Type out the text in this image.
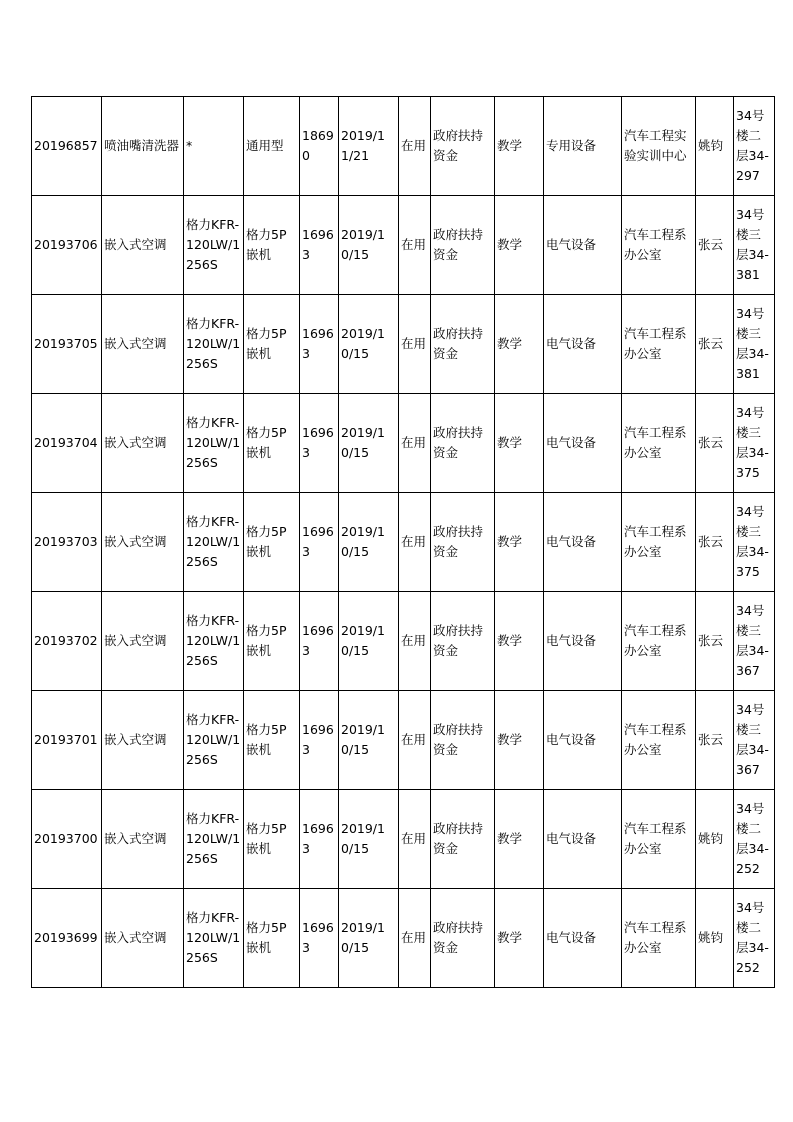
20196857	喷油嘴清洗器	*	通用型	18690	2019/11/21	在用	政府扶持资金	教学	专用设备	汽车工程实验实训中心	姚钧	34号楼二层34-297
20193706	嵌入式空调	格力KFR-120LW/1256S	格力5P嵌机	16963	2019/10/15	在用	政府扶持资金	教学	电气设备	汽车工程系办公室	张云	34号楼三层34-381
20193705	嵌入式空调	格力KFR-120LW/1256S	格力5P嵌机	16963	2019/10/15	在用	政府扶持资金	教学	电气设备	汽车工程系办公室	张云	34号楼三层34-381
20193704	嵌入式空调	格力KFR-120LW/1256S	格力5P嵌机	16963	2019/10/15	在用	政府扶持资金	教学	电气设备	汽车工程系办公室	张云	34号楼三层34-375
20193703	嵌入式空调	格力KFR-120LW/1256S	格力5P嵌机	16963	2019/10/15	在用	政府扶持资金	教学	电气设备	汽车工程系办公室	张云	34号楼三层34-375
20193702	嵌入式空调	格力KFR-120LW/1256S	格力5P嵌机	16963	2019/10/15	在用	政府扶持资金	教学	电气设备	汽车工程系办公室	张云	34号楼三层34-367
20193701	嵌入式空调	格力KFR-120LW/1256S	格力5P嵌机	16963	2019/10/15	在用	政府扶持资金	教学	电气设备	汽车工程系办公室	张云	34号楼三层34-367
20193700	嵌入式空调	格力KFR-120LW/1256S	格力5P嵌机	16963	2019/10/15	在用	政府扶持资金	教学	电气设备	汽车工程系办公室	姚钧	34号楼二层34-252
20193699	嵌入式空调	格力KFR-120LW/1256S	格力5P嵌机	16963	2019/10/15	在用	政府扶持资金	教学	电气设备	汽车工程系办公室	姚钧	34号楼二层34-252
